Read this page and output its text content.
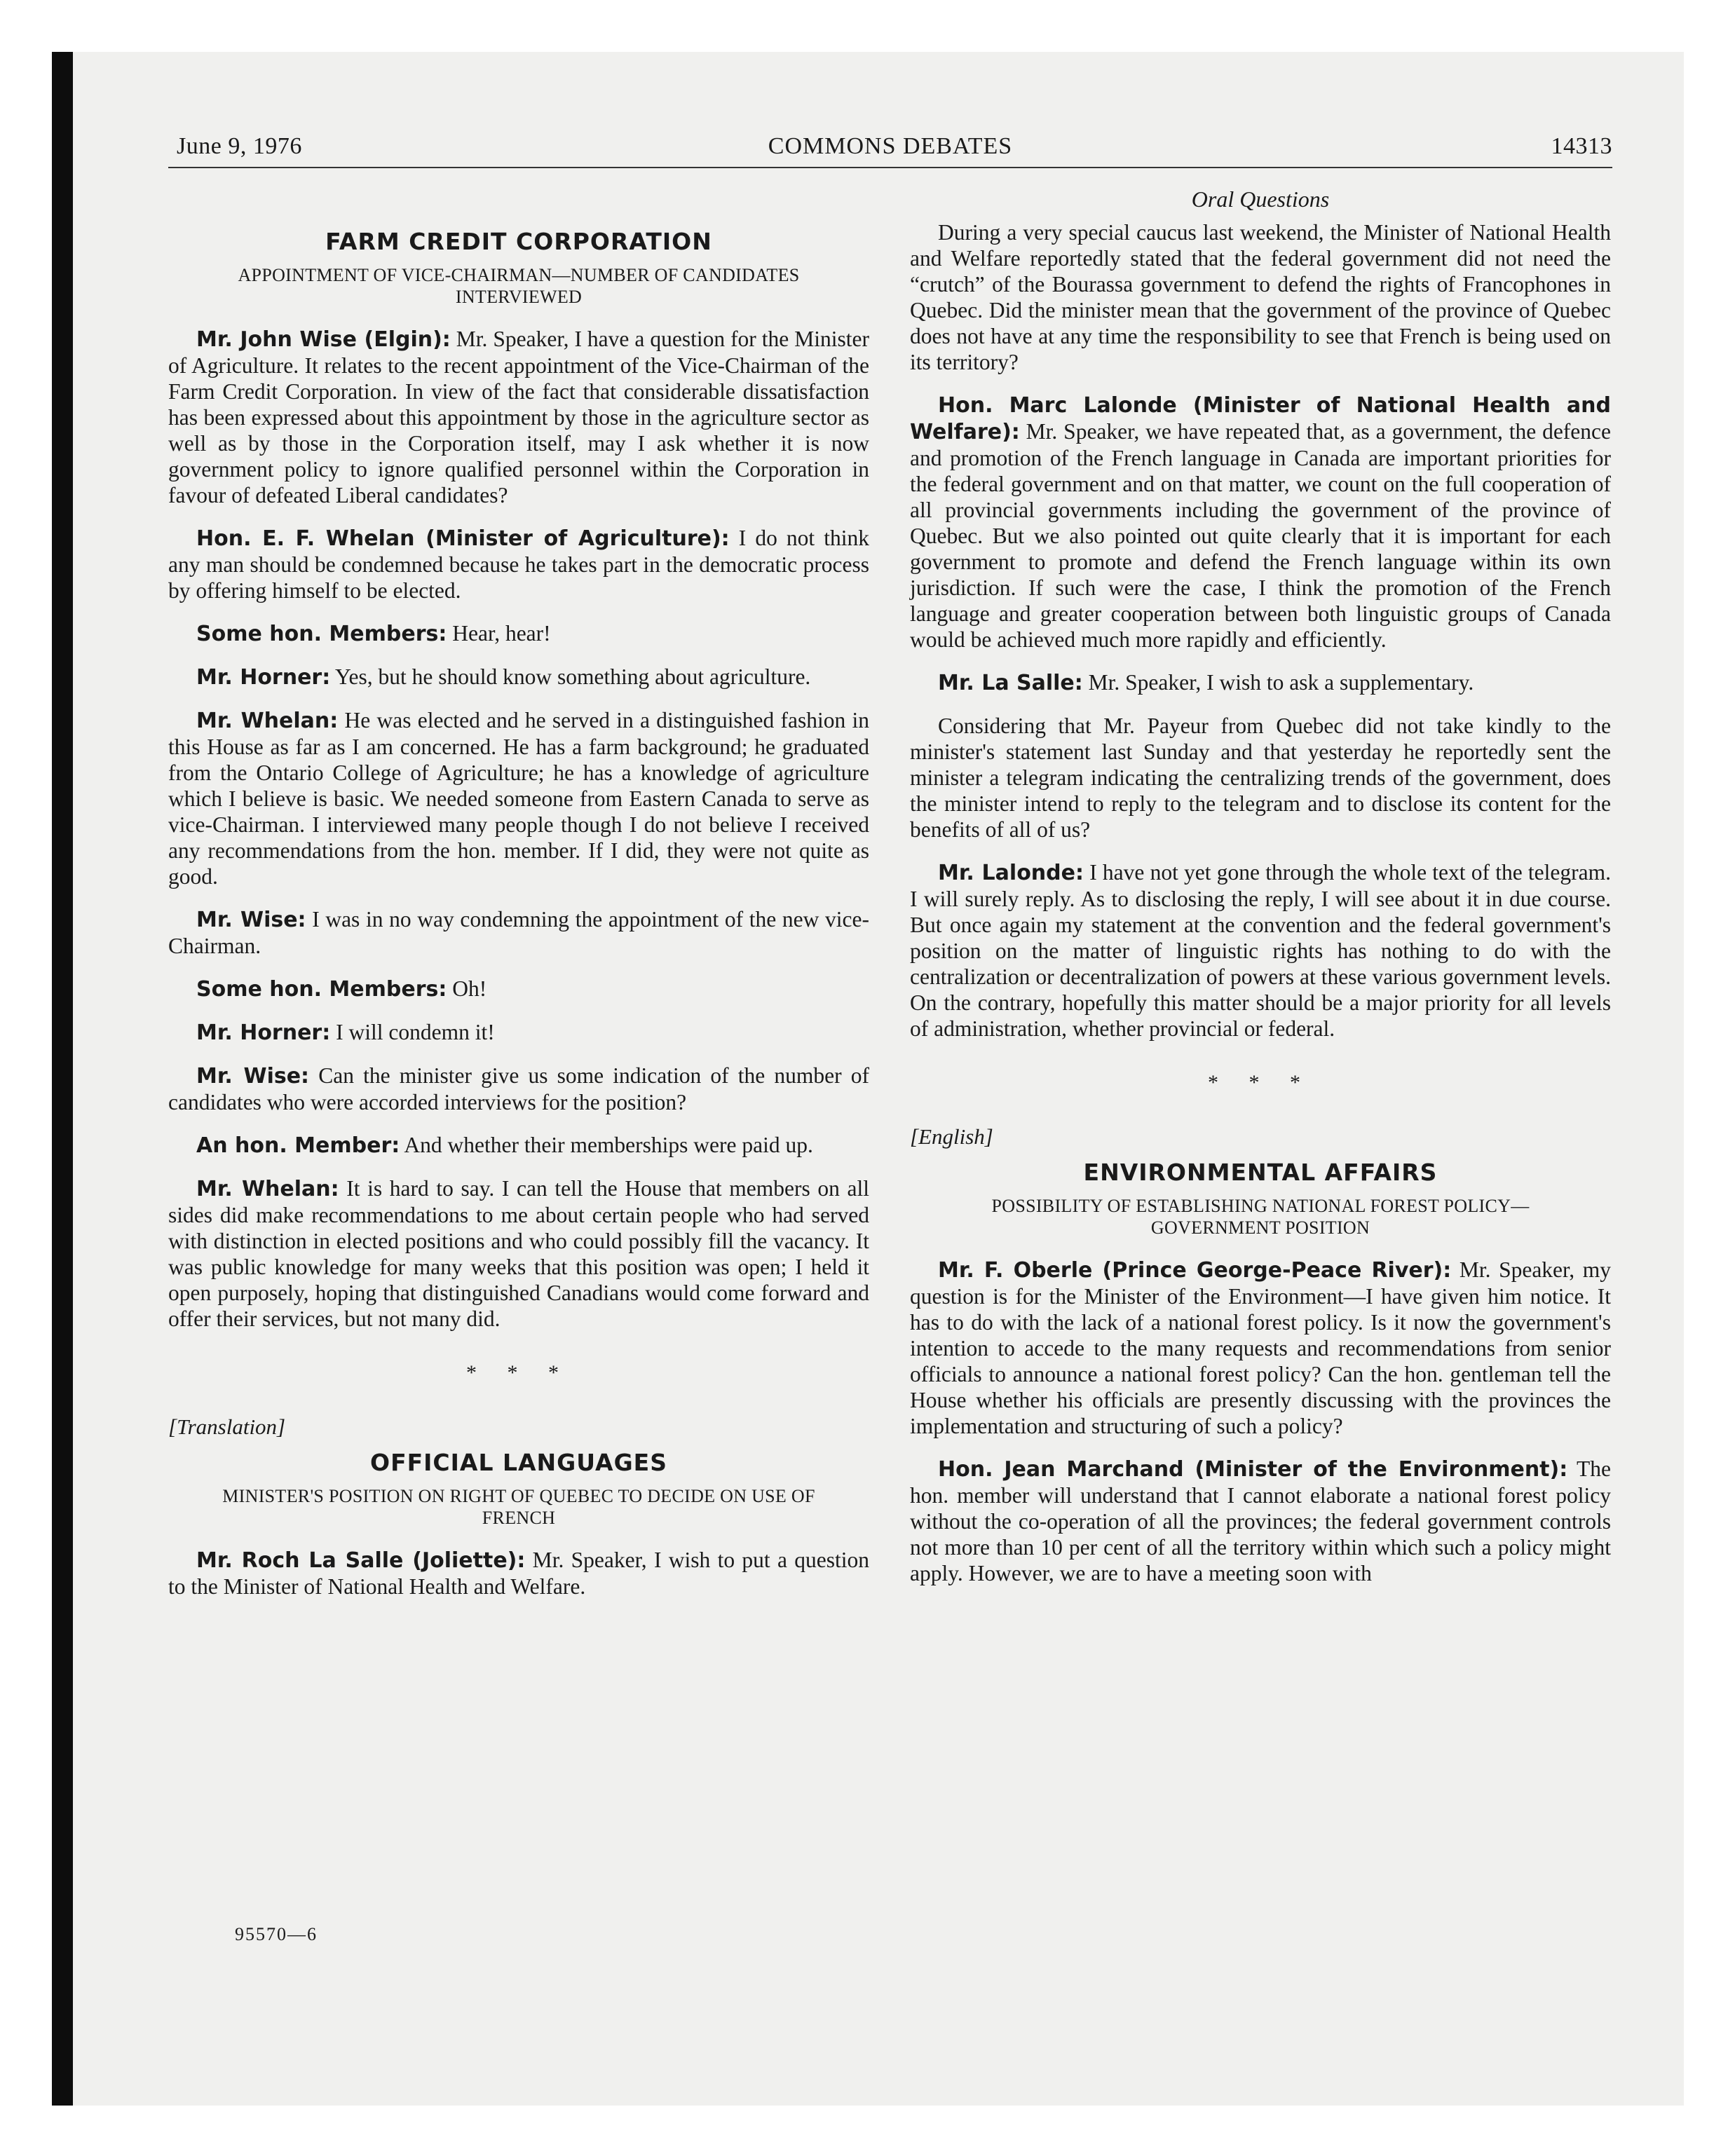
June 9, 1976	COMMONS DEBATES	14313
FARM CREDIT CORPORATION
APPOINTMENT OF VICE-CHAIRMAN—NUMBER OF CANDIDATES INTERVIEWED

Mr. John Wise (Elgin): Mr. Speaker, I have a question for the Minister of Agriculture. It relates to the recent appointment of the Vice-Chairman of the Farm Credit Corporation. In view of the fact that considerable dissatisfaction has been expressed about this appointment by those in the agriculture sector as well as by those in the Corporation itself, may I ask whether it is now government policy to ignore qualified personnel within the Corporation in favour of defeated Liberal candidates?

Hon. E. F. Whelan (Minister of Agriculture): I do not think any man should be condemned because he takes part in the democratic process by offering himself to be elected.

Some hon. Members: Hear, hear!

Mr. Horner: Yes, but he should know something about agriculture.

Mr. Whelan: He was elected and he served in a distinguished fashion in this House as far as I am concerned. He has a farm background; he graduated from the Ontario College of Agriculture; he has a knowledge of agriculture which I believe is basic. We needed someone from Eastern Canada to serve as vice-Chairman. I interviewed many people though I do not believe I received any recommendations from the hon. member. If I did, they were not quite as good.

Mr. Wise: I was in no way condemning the appointment of the new vice-Chairman.

Some hon. Members: Oh!

Mr. Horner: I will condemn it!

Mr. Wise: Can the minister give us some indication of the number of candidates who were accorded interviews for the position?

An hon. Member: And whether their memberships were paid up.

Mr. Whelan: It is hard to say. I can tell the House that members on all sides did make recommendations to me about certain people who had served with distinction in elected positions and who could possibly fill the vacancy. It was public knowledge for many weeks that this position was open; I held it open purposely, hoping that distinguished Canadians would come forward and offer their services, but not many did.

* * *
[Translation]
OFFICIAL LANGUAGES
MINISTER'S POSITION ON RIGHT OF QUEBEC TO DECIDE ON USE OF FRENCH

Mr. Roch La Salle (Joliette): Mr. Speaker, I wish to put a question to the Minister of National Health and Welfare.

Oral Questions

During a very special caucus last weekend, the Minister of National Health and Welfare reportedly stated that the federal government did not need the “crutch” of the Bourassa government to defend the rights of Francophones in Quebec. Did the minister mean that the government of the province of Quebec does not have at any time the responsibility to see that French is being used on its territory?

Hon. Marc Lalonde (Minister of National Health and Welfare): Mr. Speaker, we have repeated that, as a government, the defence and promotion of the French language in Canada are important priorities for the federal government and on that matter, we count on the full cooperation of all provincial governments including the government of the province of Quebec. But we also pointed out quite clearly that it is important for each government to promote and defend the French language within its own jurisdiction. If such were the case, I think the promotion of the French language and greater cooperation between both linguistic groups of Canada would be achieved much more rapidly and efficiently.

Mr. La Salle: Mr. Speaker, I wish to ask a supplementary.

Considering that Mr. Payeur from Quebec did not take kindly to the minister's statement last Sunday and that yesterday he reportedly sent the minister a telegram indicating the centralizing trends of the government, does the minister intend to reply to the telegram and to disclose its content for the benefits of all of us?

Mr. Lalonde: I have not yet gone through the whole text of the telegram. I will surely reply. As to disclosing the reply, I will see about it in due course. But once again my statement at the convention and the federal government's position on the matter of linguistic rights has nothing to do with the centralization or decentralization of powers at these various government levels. On the contrary, hopefully this matter should be a major priority for all levels of administration, whether provincial or federal.

* * *
[English]
ENVIRONMENTAL AFFAIRS
POSSIBILITY OF ESTABLISHING NATIONAL FOREST POLICY—GOVERNMENT POSITION

Mr. F. Oberle (Prince George-Peace River): Mr. Speaker, my question is for the Minister of the Environment—I have given him notice. It has to do with the lack of a national forest policy. Is it now the government's intention to accede to the many requests and recommendations from senior officials to announce a national forest policy? Can the hon. gentleman tell the House whether his officials are presently discussing with the provinces the implementation and structuring of such a policy?

Hon. Jean Marchand (Minister of the Environment): The hon. member will understand that I cannot elaborate a national forest policy without the co-operation of all the provinces; the federal government controls not more than 10 per cent of all the territory within which such a policy might apply. However, we are to have a meeting soon with

95570—6
